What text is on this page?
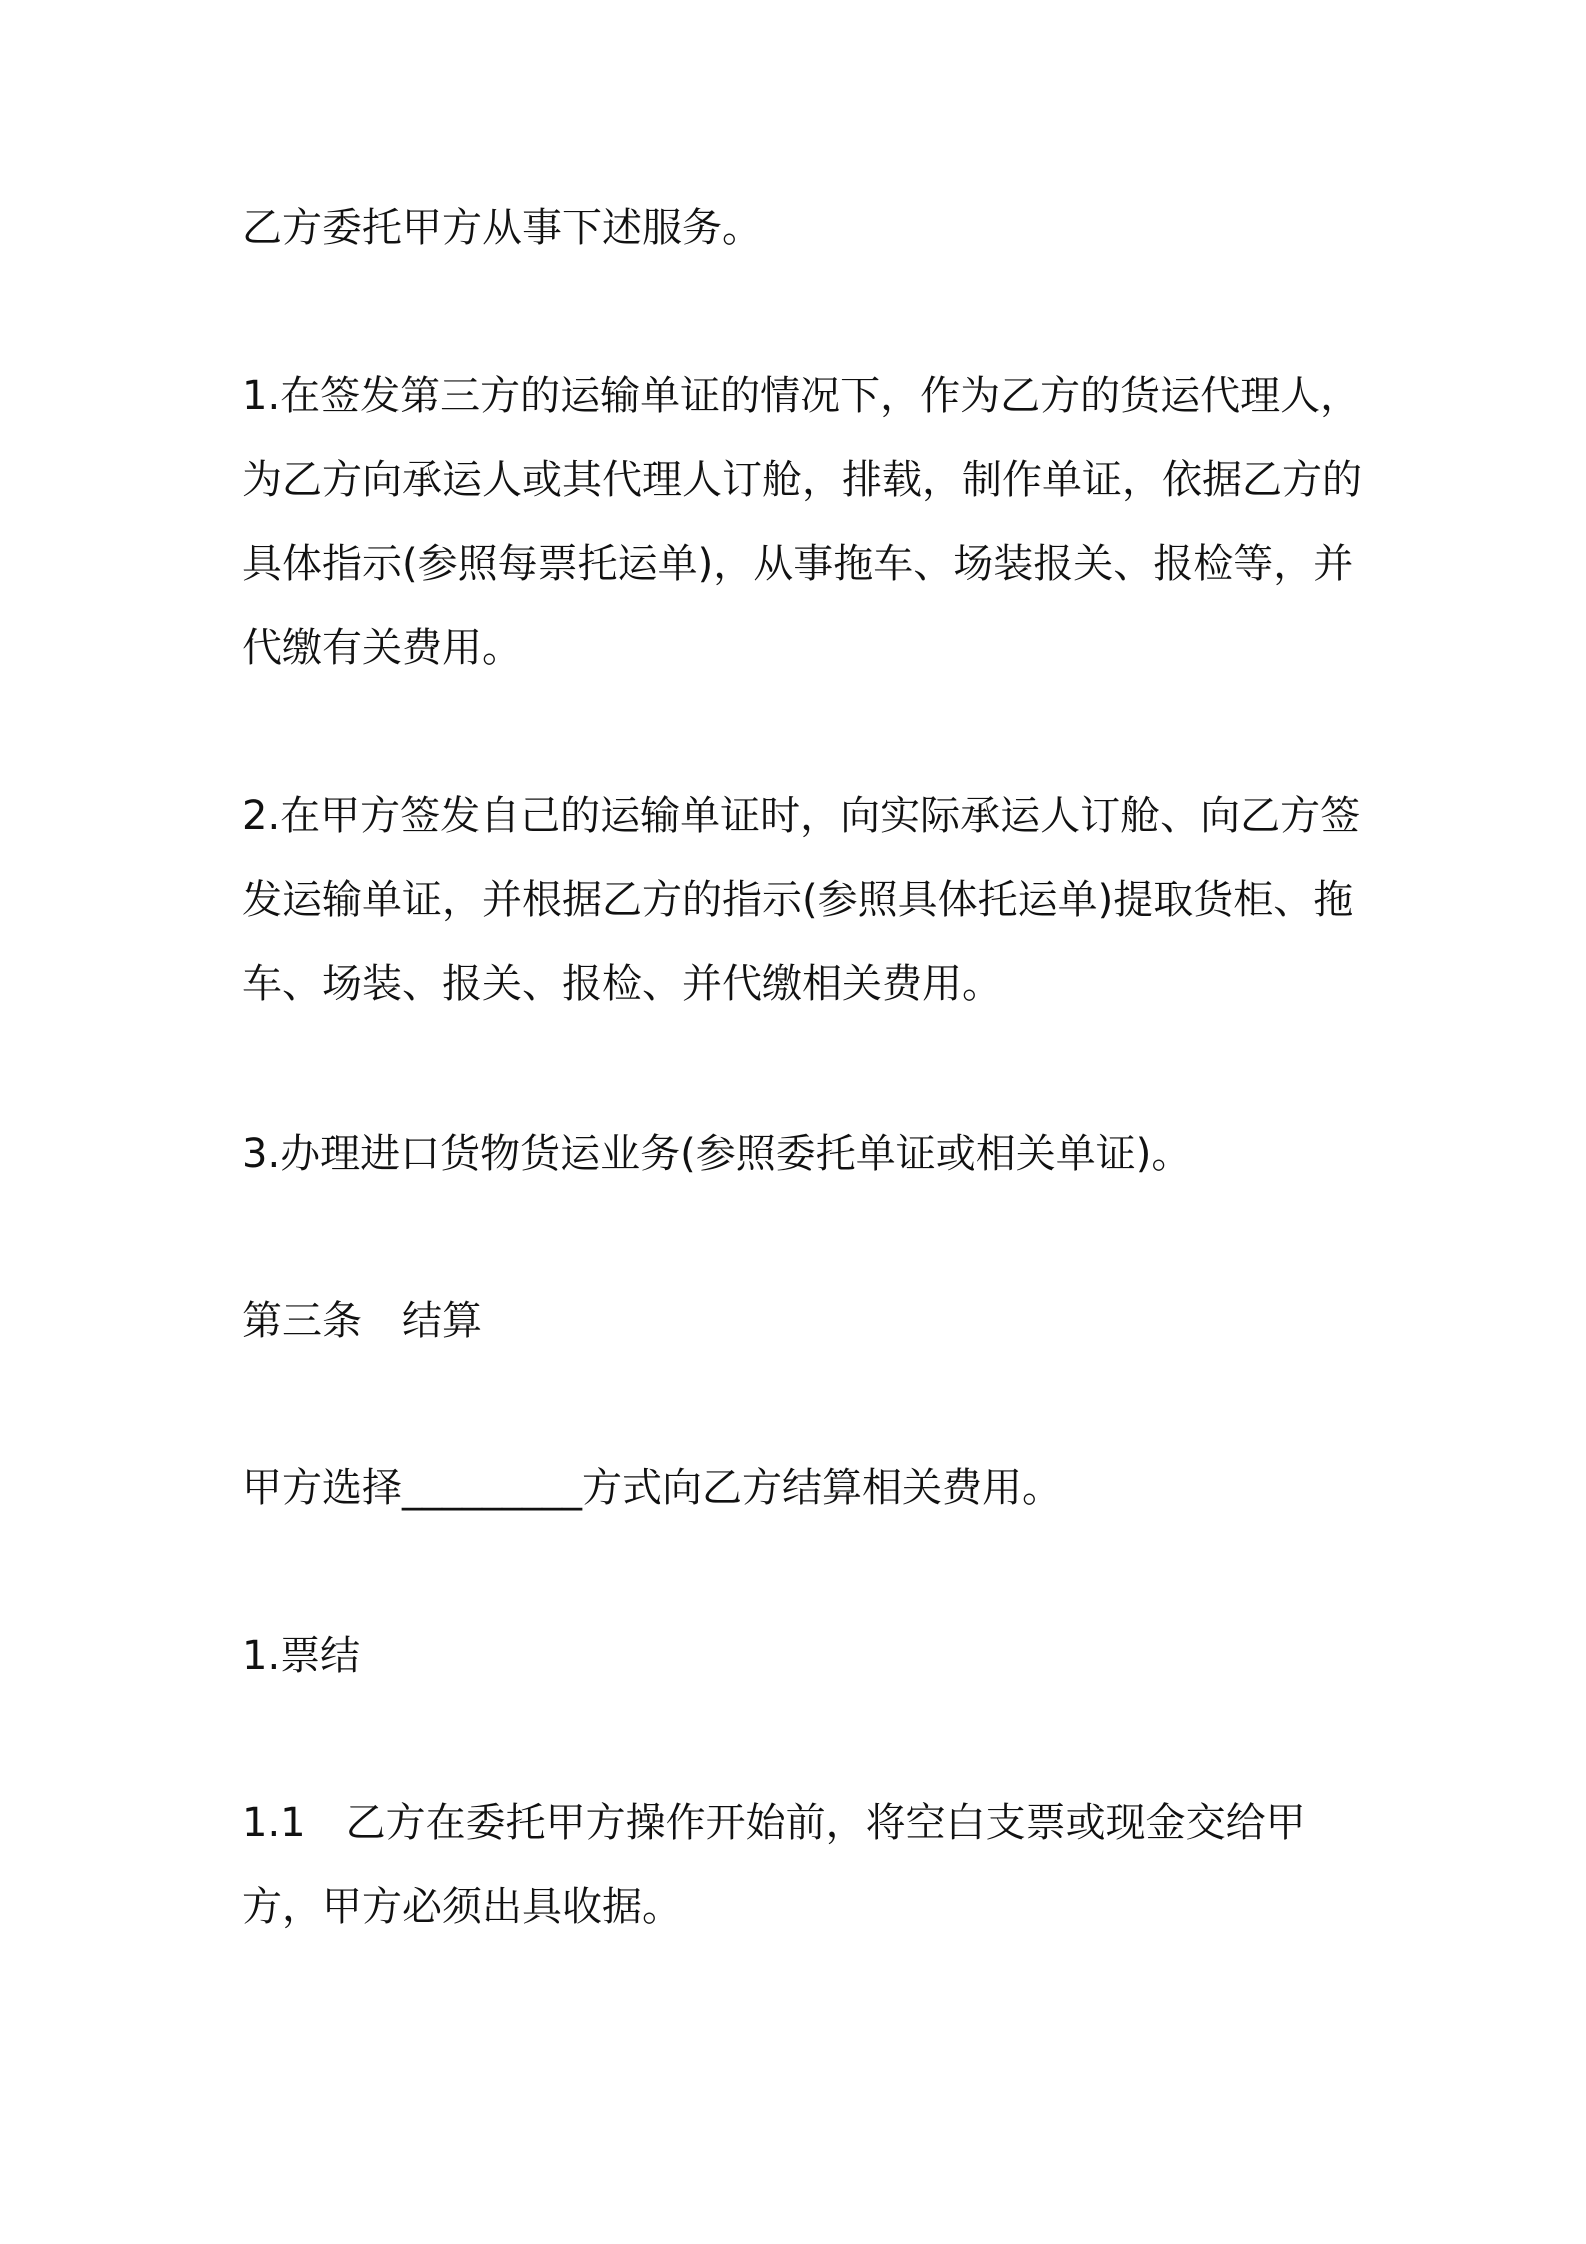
乙方委托甲方从事下述服务。

1.在签发第三方的运输单证的情况下，作为乙方的货运代理人，为乙方向承运人或其代理人订舱，排载，制作单证，依据乙方的具体指示(参照每票托运单)，从事拖车、场装报关、报检等，并代缴有关费用。

2.在甲方签发自己的运输单证时，向实际承运人订舱、向乙方签发运输单证，并根据乙方的指示(参照具体托运单)提取货柜、拖车、场装、报关、报检、并代缴相关费用。

3.办理进口货物货运业务(参照委托单证或相关单证)。

第三条　结算

甲方选择_________方式向乙方结算相关费用。

1.票结

1.1　乙方在委托甲方操作开始前，将空白支票或现金交给甲方，甲方必须出具收据。
